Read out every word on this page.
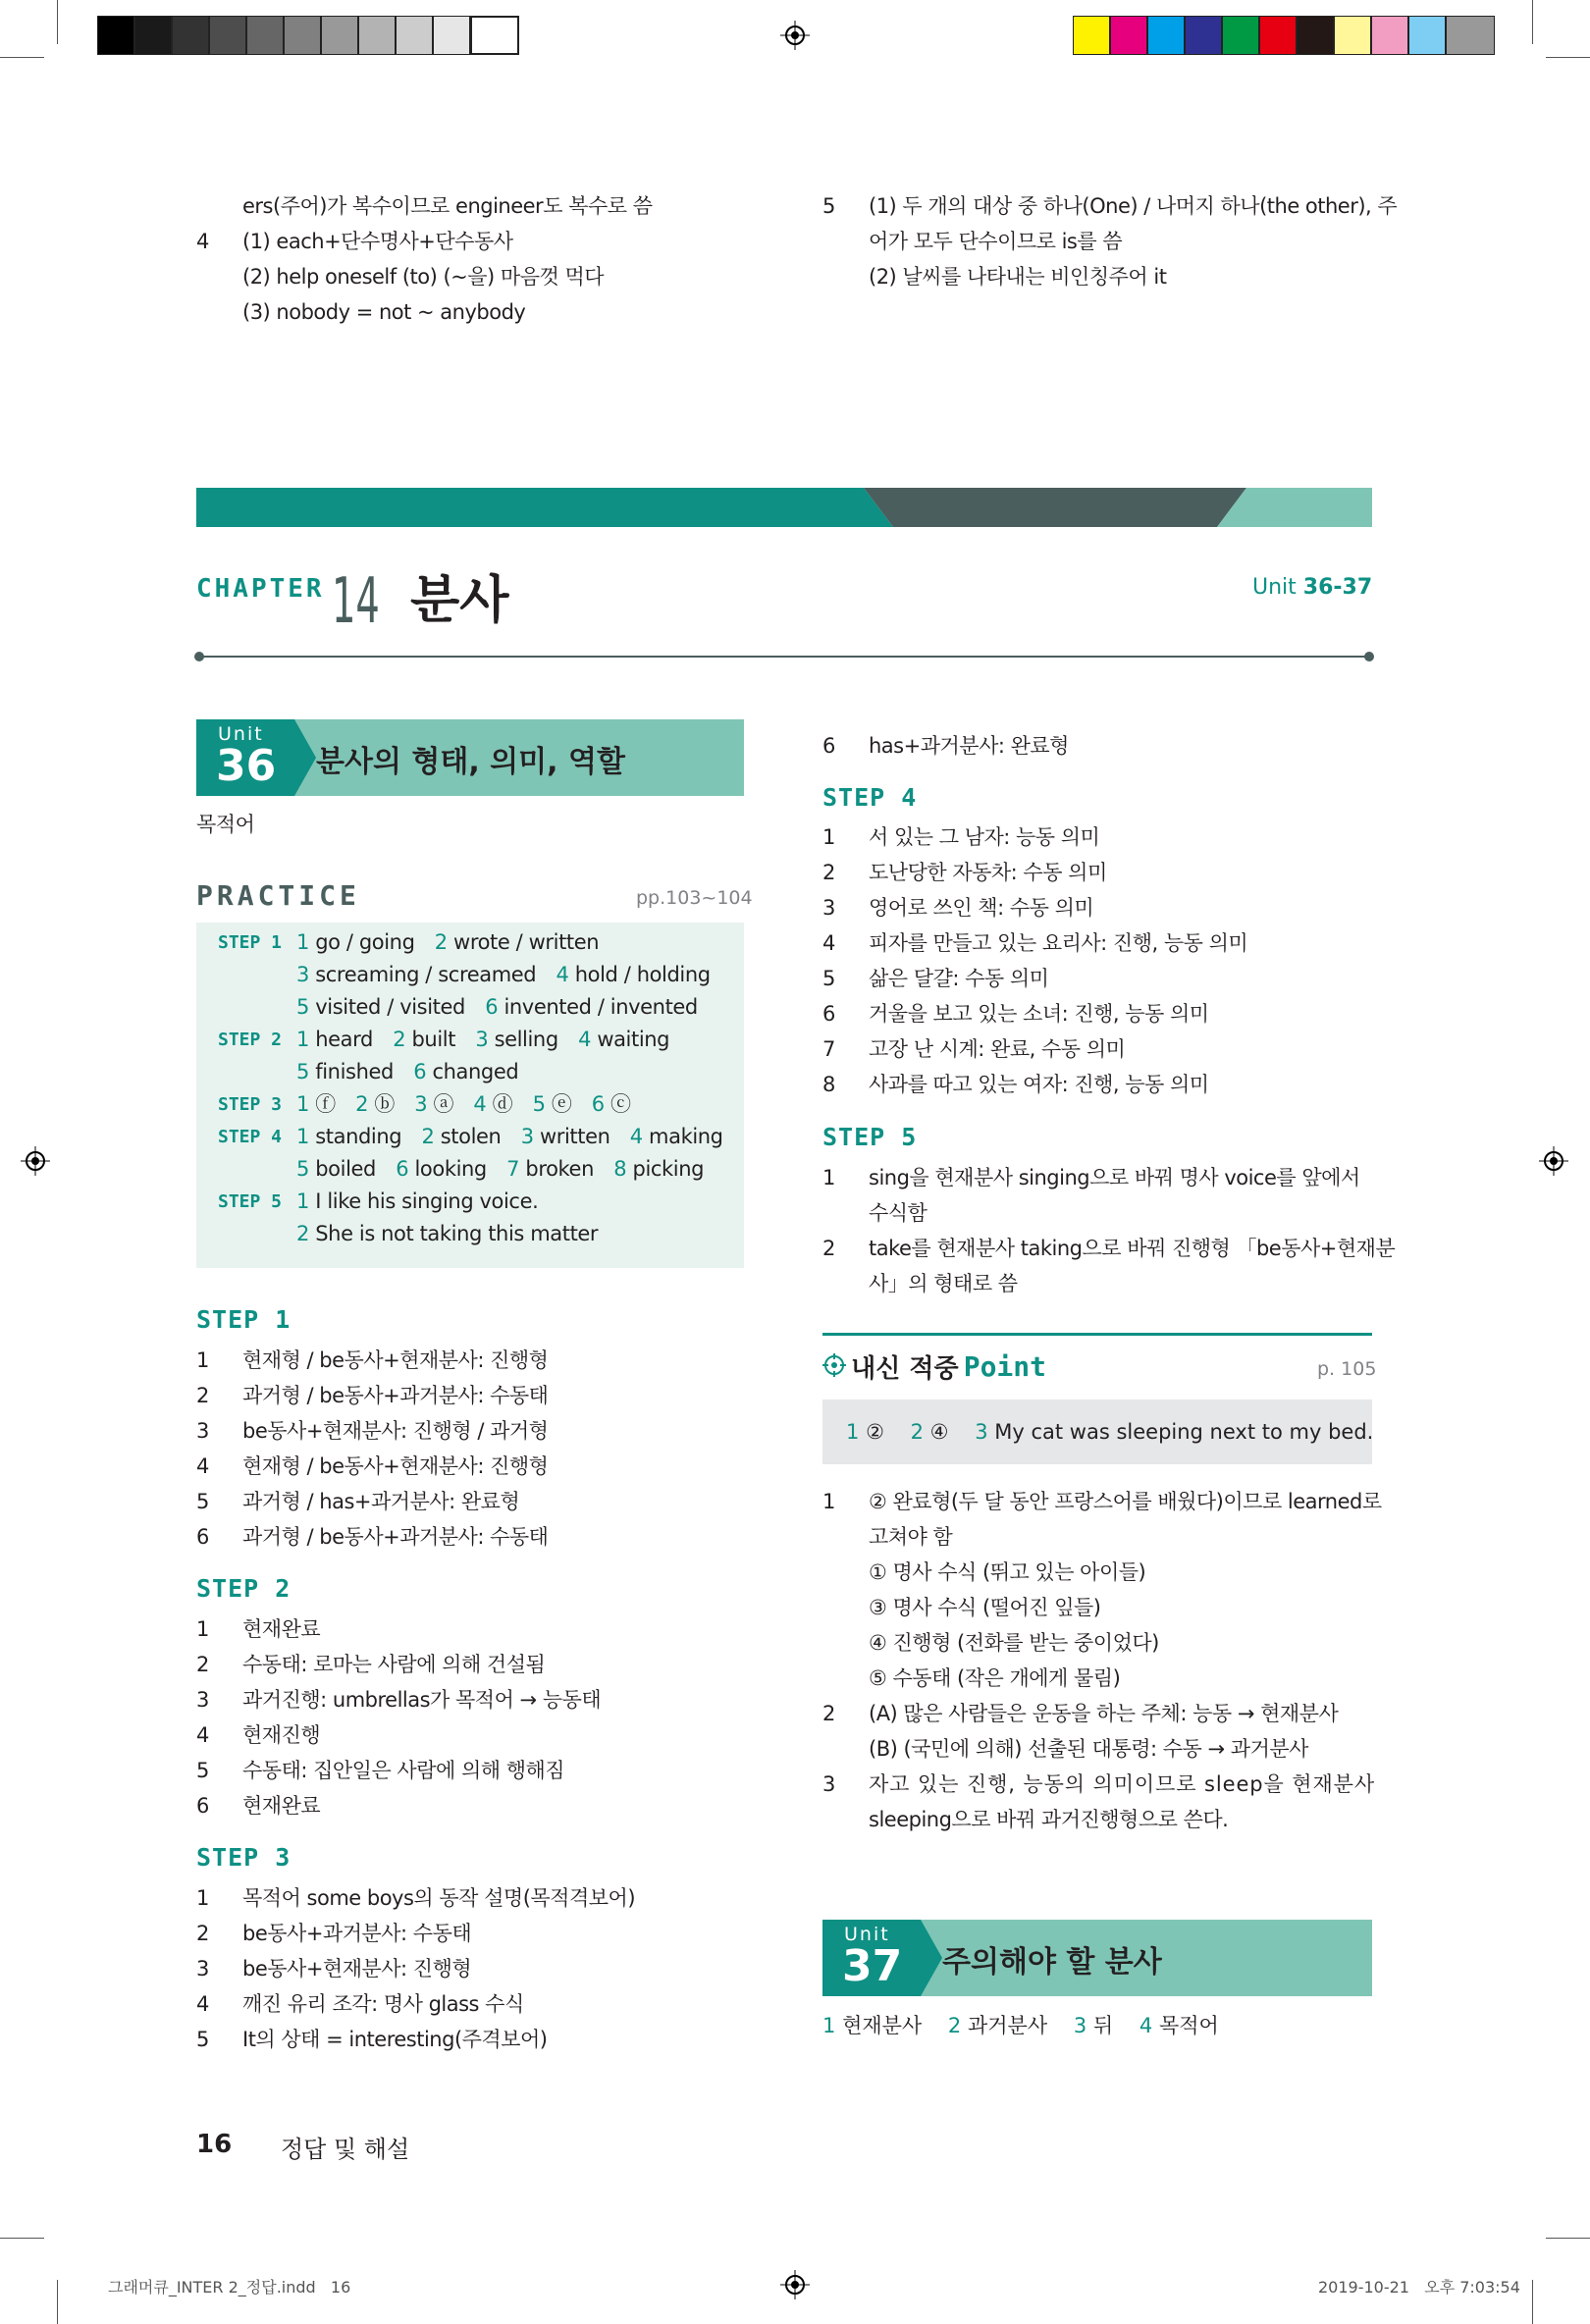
ers(주어)가 복수이므로 engineer도 복수로 씀
4	(1) each+단수명사+단수동사
(2) help oneself (to) (~을) 마음껏 먹다
(3) nobody = not ~ anybody
5	(1) 두 개의 대상 중 하나(One) / 나머지 하나(the other), 주
어가 모두 단수이므로 is를 씀
(2) 날씨를 나타내는 비인칭주어 it
CHAPTER 14 분사	Unit 36-37
Unit
36 분사의 형태, 의미, 역할
목적어
PRACTICE	pp.103~104
STEP 1 1 go / going 2 wrote / written
3 screaming / screamed 4 hold / holding
5 visited / visited 6 invented / invented
STEP 2 1 heard 2 built 3 selling 4 waiting
5 finished 6 changed
STEP 3 1 ⓕ 2 ⓑ 3 ⓐ 4 ⓓ 5 ⓔ 6 ⓒ
STEP 4 1 standing 2 stolen 3 written 4 making
5 boiled 6 looking 7 broken 8 picking
STEP 5 1 I like his singing voice.
2 She is not taking this matter
STEP 1
1	현재형 / be동사+현재분사: 진행형
2	과거형 / be동사+과거분사: 수동태
3	be동사+현재분사: 진행형 / 과거형
4	현재형 / be동사+현재분사: 진행형
5	과거형 / has+과거분사: 완료형
6	과거형 / be동사+과거분사: 수동태
STEP 2
1	현재완료
2	수동태: 로마는 사람에 의해 건설됨
3	과거진행: umbrellas가 목적어 → 능동태
4	현재진행
5	수동태: 집안일은 사람에 의해 행해짐
6	현재완료
STEP 3
1	목적어 some boys의 동작 설명(목적격보어)
2	be동사+과거분사: 수동태
3	be동사+현재분사: 진행형
4	깨진 유리 조각: 명사 glass 수식
5	It의 상태 = interesting(주격보어)
6	has+과거분사: 완료형
STEP 4
1	서 있는 그 남자: 능동 의미
2	도난당한 자동차: 수동 의미
3	영어로 쓰인 책: 수동 의미
4	피자를 만들고 있는 요리사: 진행, 능동 의미
5	삶은 달걀: 수동 의미
6	거울을 보고 있는 소녀: 진행, 능동 의미
7	고장 난 시계: 완료, 수동 의미
8	사과를 따고 있는 여자: 진행, 능동 의미
STEP 5
1	sing을 현재분사 singing으로 바꿔 명사 voice를 앞에서
수식함
2	take를 현재분사 taking으로 바꿔 진행형 「be동사+현재분
사」의 형태로 씀
내신 적중 Point	p. 105
1 ② 2 ④ 3 My cat was sleeping next to my bed.
1	② 완료형(두 달 동안 프랑스어를 배웠다)이므로 learned로
고쳐야 함
① 명사 수식 (뛰고 있는 아이들)
③ 명사 수식 (떨어진 잎들)
④ 진행형 (전화를 받는 중이었다)
⑤ 수동태 (작은 개에게 물림)
2	(A) 많은 사람들은 운동을 하는 주체: 능동 → 현재분사
(B) (국민에 의해) 선출된 대통령: 수동 → 과거분사
3	자고 있는 진행, 능동의 의미이므로 sleep을 현재분사
sleeping으로 바꿔 과거진행형으로 쓴다.
Unit
37 주의해야 할 분사
1 현재분사 2 과거분사 3 뒤 4 목적어
16 정답 및 해설
그래머큐_INTER 2_정답.indd   16	2019-10-21   오후 7:03:54
